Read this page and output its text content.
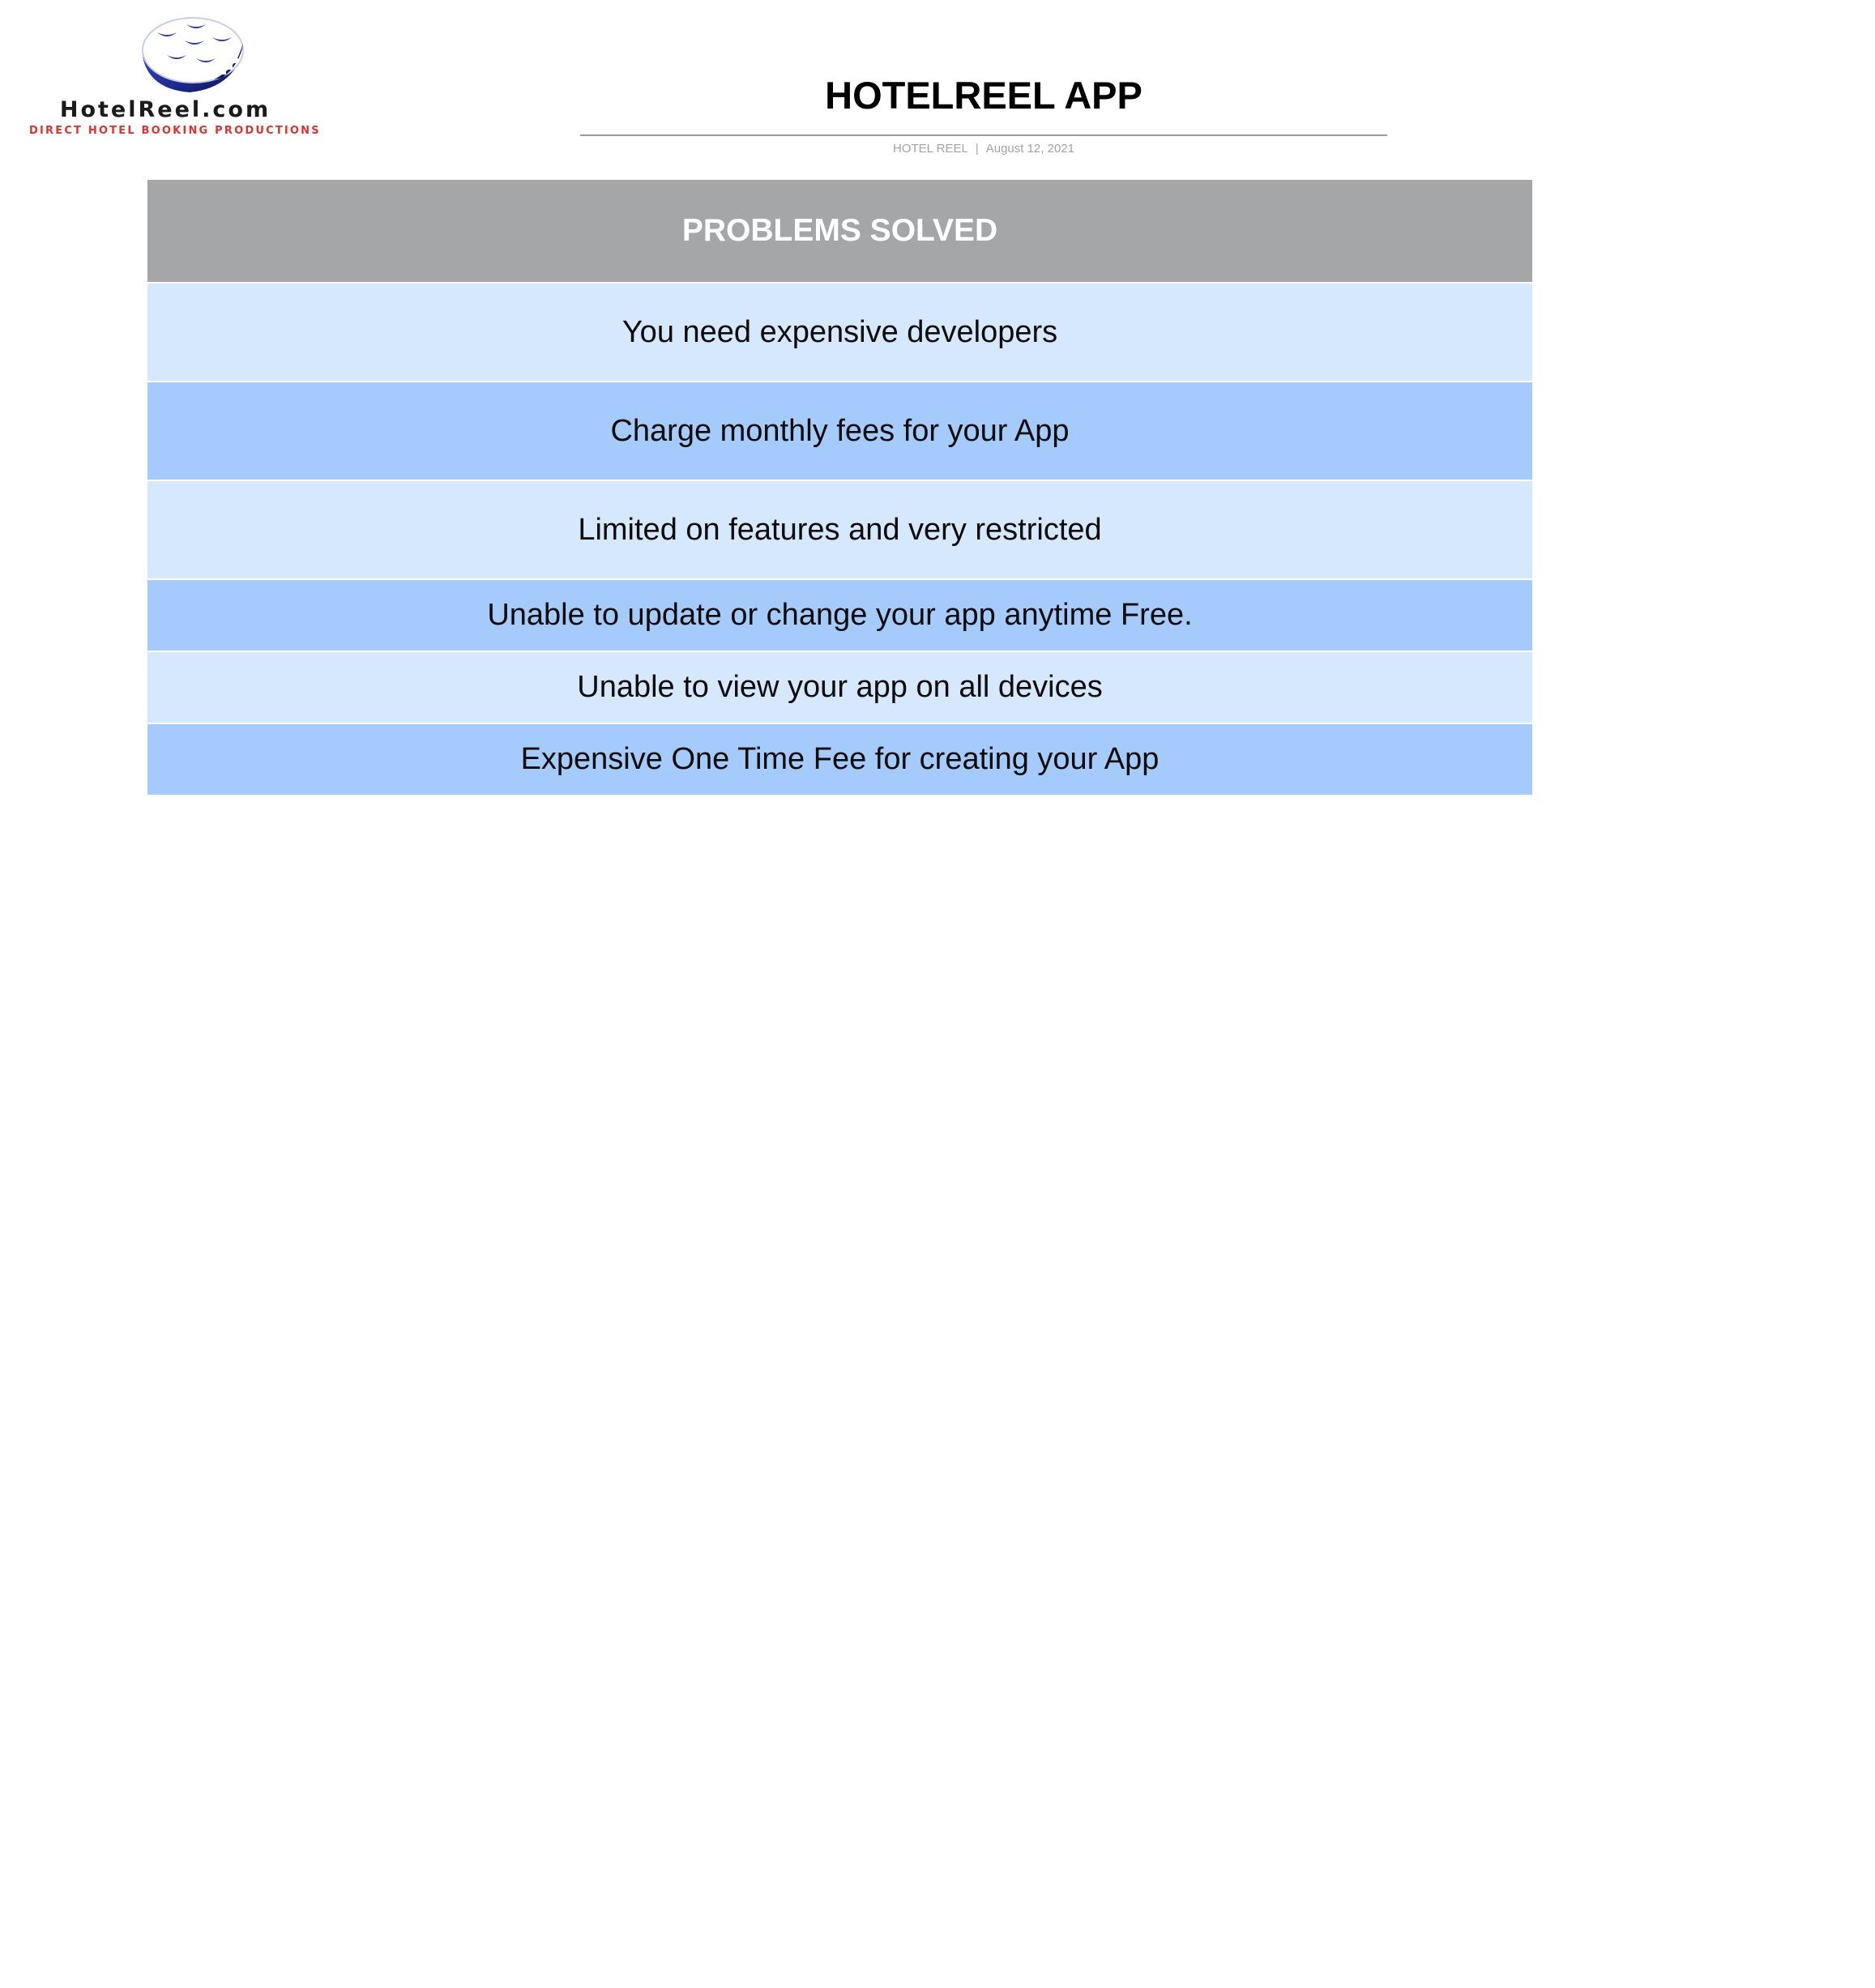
HotelReel.com
DIRECT HOTEL BOOKING PRODUCTIONS
HOTELREEL APP
HOTEL REEL | August 12, 2021
PROBLEMS SOLVED
You need expensive developers
Charge monthly fees for your App
Limited on features and very restricted
Unable to update or change your app anytime Free.
Unable to view your app on all devices
Expensive One Time Fee for creating your App
